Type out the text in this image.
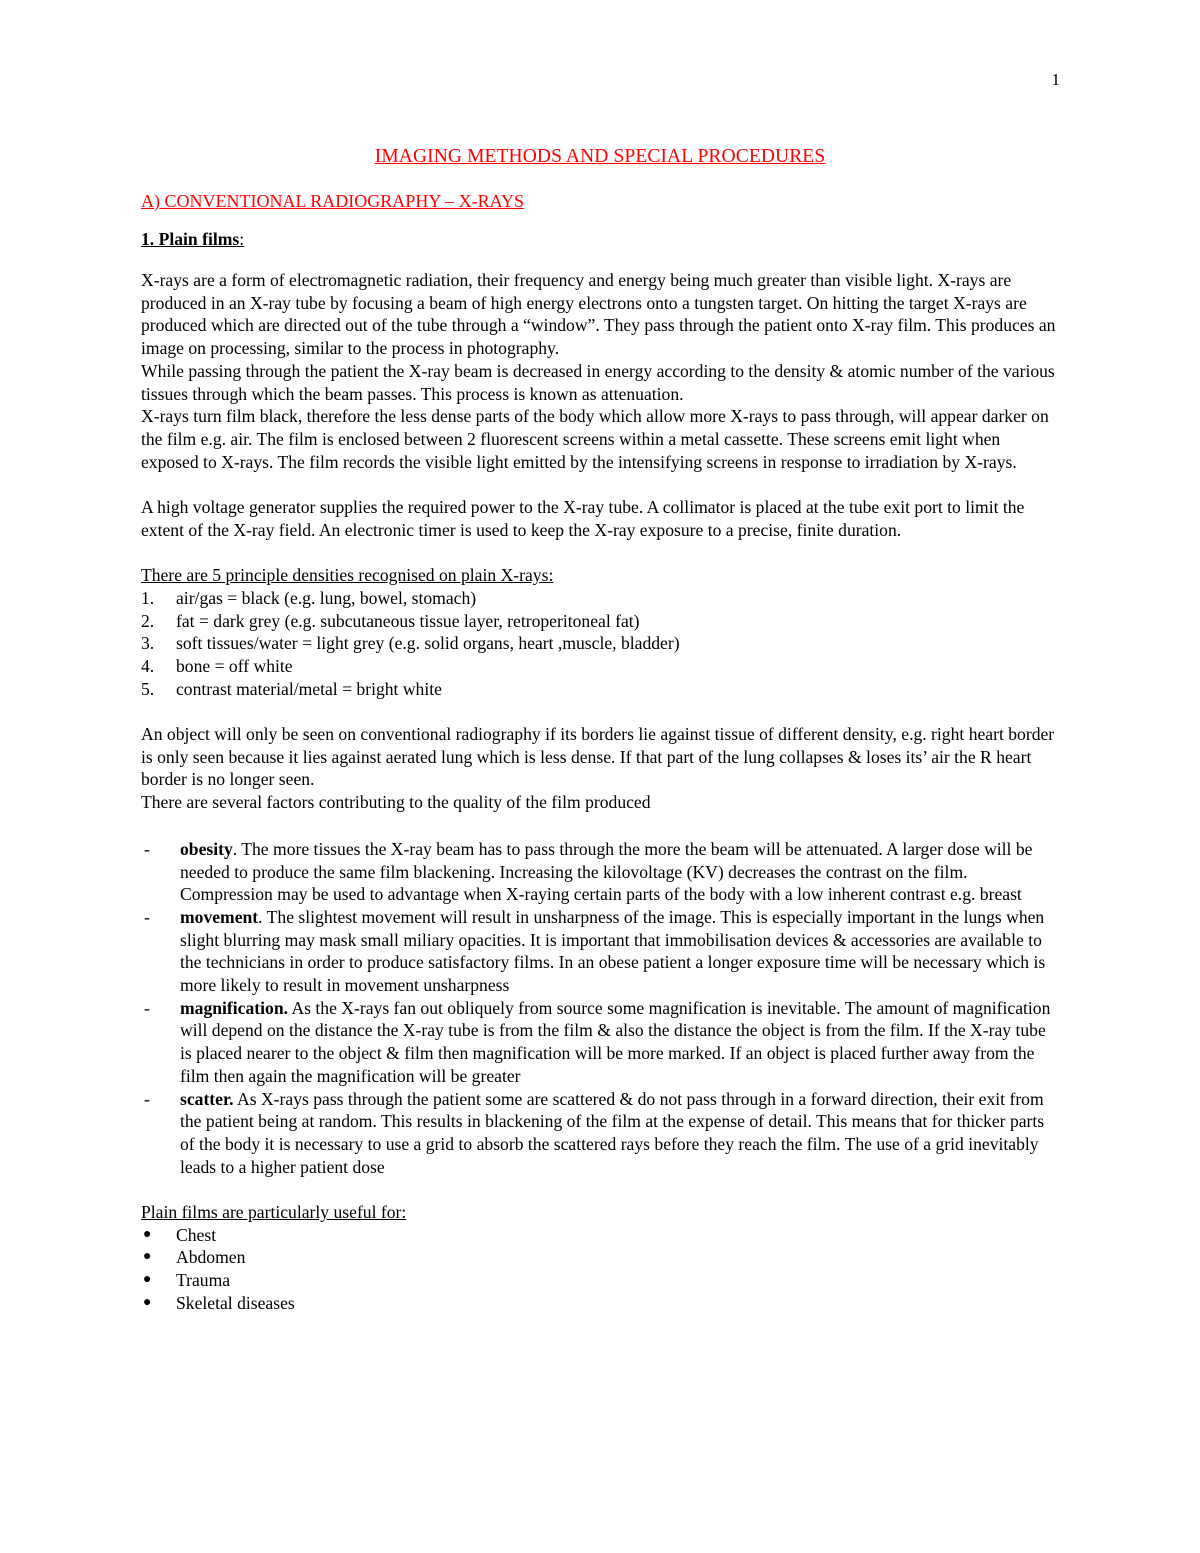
1
IMAGING METHODS AND SPECIAL PROCEDURES
A) CONVENTIONAL RADIOGRAPHY – X-RAYS
1. Plain films:

X-rays are a form of electromagnetic radiation, their frequency and energy being much greater than visible light. X-rays are produced in an X-ray tube by focusing a beam of high energy electrons onto a tungsten target. On hitting the target X-rays are produced which are directed out of the tube through a “window”. They pass through the patient onto X-ray film. This produces an image on processing, similar to the process in photography.

While passing through the patient the X-ray beam is decreased in energy according to the density & atomic number of the various tissues through which the beam passes. This process is known as attenuation.

X-rays turn film black, therefore the less dense parts of the body which allow more X-rays to pass through, will appear darker on the film e.g. air. The film is enclosed between 2 fluorescent screens within a metal cassette. These screens emit light when exposed to X-rays. The film records the visible light emitted by the intensifying screens in response to irradiation by X-rays.

A high voltage generator supplies the required power to the X-ray tube. A collimator is placed at the tube exit port to limit the extent of the X-ray field. An electronic timer is used to keep the X-ray exposure to a precise, finite duration.

There are 5 principle densities recognised on plain X-rays:

1. air/gas = black (e.g. lung, bowel, stomach)
2. fat = dark grey (e.g. subcutaneous tissue layer, retroperitoneal fat)
3. soft tissues/water = light grey (e.g. solid organs, heart ,muscle, bladder)
4. bone = off white
5. contrast material/metal = bright white

An object will only be seen on conventional radiography if its borders lie against tissue of different density, e.g. right heart border is only seen because it lies against aerated lung which is less dense. If that part of the lung collapses & loses its’ air the R heart border is no longer seen.

There are several factors contributing to the quality of the film produced

- obesity. The more tissues the X-ray beam has to pass through the more the beam will be attenuated. A larger dose will be needed to produce the same film blackening. Increasing the kilovoltage (KV) decreases the contrast on the film. Compression may be used to advantage when X-raying certain parts of the body with a low inherent contrast e.g. breast
- movement. The slightest movement will result in unsharpness of the image. This is especially important in the lungs when slight blurring may mask small miliary opacities. It is important that immobilisation devices & accessories are available to the technicians in order to produce satisfactory films. In an obese patient a longer exposure time will be necessary which is more likely to result in movement unsharpness
- magnification. As the X-rays fan out obliquely from source some magnification is inevitable. The amount of magnification will depend on the distance the X-ray tube is from the film & also the distance the object is from the film. If the X-ray tube is placed nearer to the object & film then magnification will be more marked. If an object is placed further away from the film then again the magnification will be greater
- scatter. As X-rays pass through the patient some are scattered & do not pass through in a forward direction, their exit from the patient being at random. This results in blackening of the film at the expense of detail. This means that for thicker parts of the body it is necessary to use a grid to absorb the scattered rays before they reach the film. The use of a grid inevitably leads to a higher patient dose

Plain films are particularly useful for:

● Chest
● Abdomen
● Trauma
● Skeletal diseases
